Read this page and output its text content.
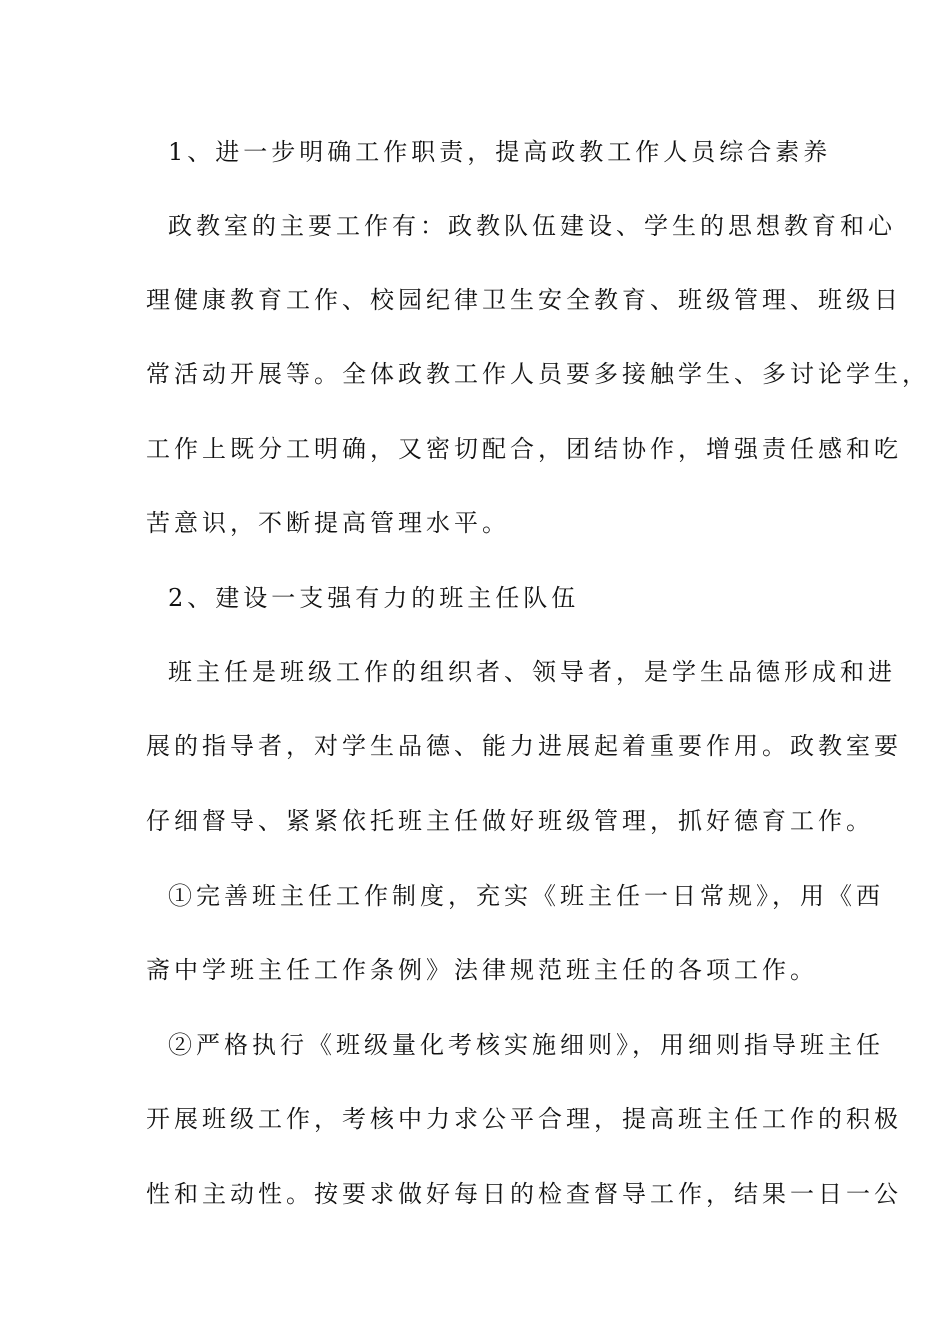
1、进一步明确工作职责，提高政教工作人员综合素养
政教室的主要工作有：政教队伍建设、学生的思想教育和心
理健康教育工作、校园纪律卫生安全教育、班级管理、班级日
常活动开展等。全体政教工作人员要多接触学生、多讨论学生，
工作上既分工明确，又密切配合，团结协作，增强责任感和吃
苦意识，不断提高管理水平。
2、建设一支强有力的班主任队伍
班主任是班级工作的组织者、领导者，是学生品德形成和进
展的指导者，对学生品德、能力进展起着重要作用。政教室要
仔细督导、紧紧依托班主任做好班级管理，抓好德育工作。
①完善班主任工作制度，充实《班主任一日常规》，用《西
斋中学班主任工作条例》法律规范班主任的各项工作。
②严格执行《班级量化考核实施细则》，用细则指导班主任
开展班级工作，考核中力求公平合理，提高班主任工作的积极
性和主动性。按要求做好每日的检查督导工作，结果一日一公
